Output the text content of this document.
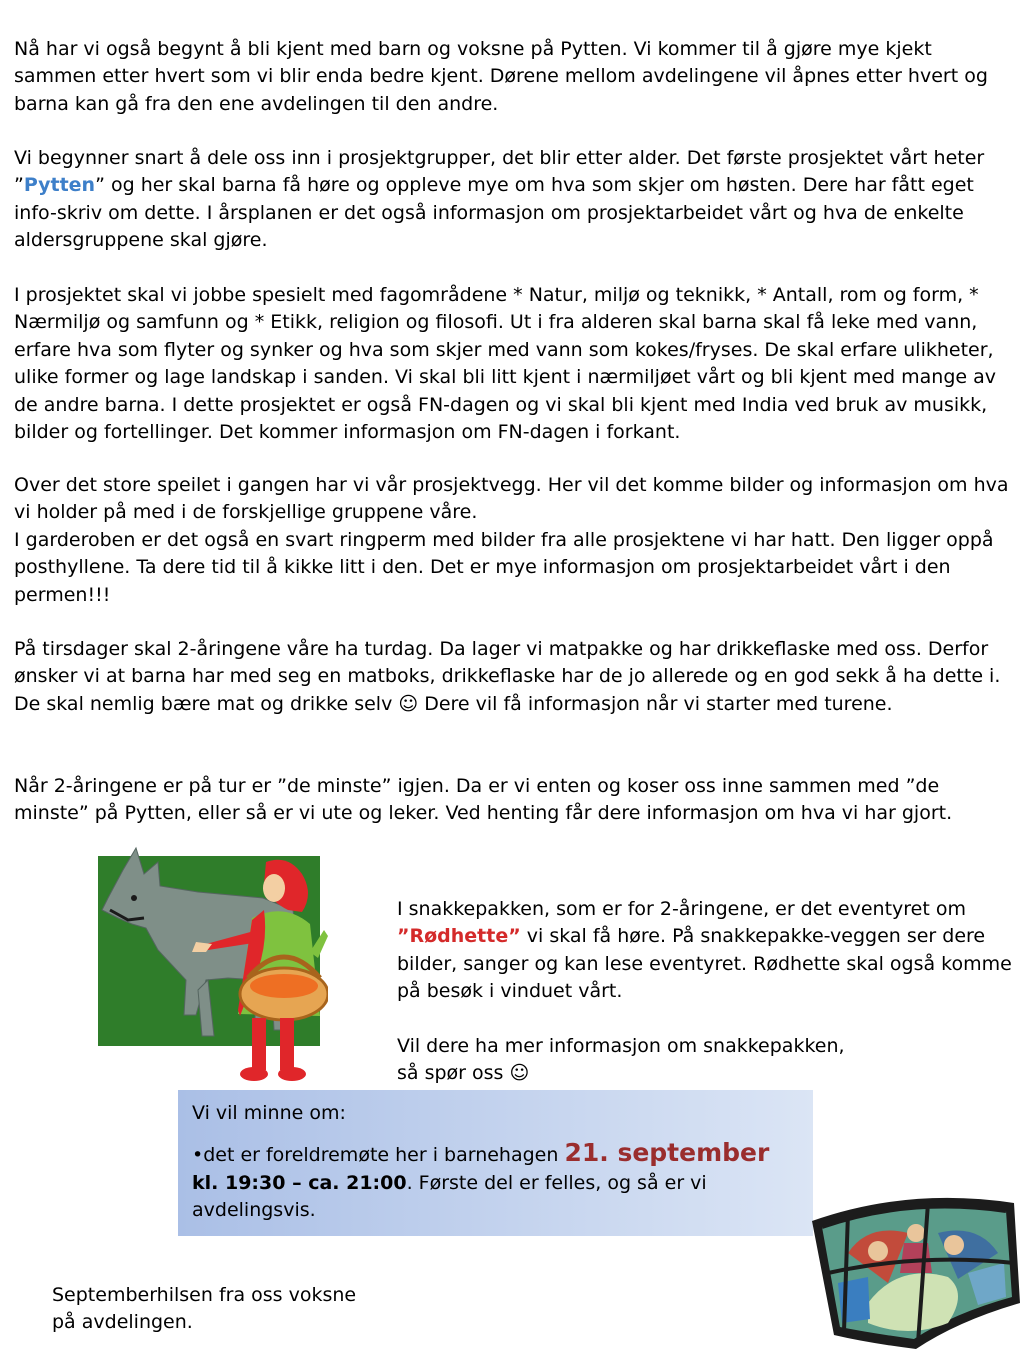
Nå har vi også begynt å bli kjent med barn og voksne på Pytten. Vi kommer til å gjøre mye kjekt sammen etter hvert som vi blir enda bedre kjent. Dørene mellom avdelingene vil åpnes etter hvert og barna kan gå fra den ene avdelingen til den andre.

Vi begynner snart å dele oss inn i prosjektgrupper, det blir etter alder. Det første prosjektet vårt heter ”Pytten” og her skal barna få høre og oppleve mye om hva som skjer om høsten. Dere har fått eget info-skriv om dette. I årsplanen er det også informasjon om prosjektarbeidet vårt og hva de enkelte aldersgruppene skal gjøre.

I prosjektet skal vi jobbe spesielt med fagområdene * Natur, miljø og teknikk, * Antall, rom og form, * Nærmiljø og samfunn og * Etikk, religion og filosofi. Ut i fra alderen skal barna skal få leke med vann, erfare hva som flyter og synker og hva som skjer med vann som kokes/fryses. De skal erfare ulikheter, ulike former og lage landskap i sanden. Vi skal bli litt kjent i nærmiljøet vårt og bli kjent med mange av de andre barna. I dette prosjektet er også FN-dagen og vi skal bli kjent med India ved bruk av musikk, bilder og fortellinger. Det kommer informasjon om FN-dagen i forkant.

Over det store speilet i gangen har vi vår prosjektvegg. Her vil det komme bilder og informasjon om hva vi holder på med i de forskjellige gruppene våre.
I garderoben er det også en svart ringperm med bilder fra alle prosjektene vi har hatt. Den ligger oppå posthyllene. Ta dere tid til å kikke litt i den. Det er mye informasjon om prosjektarbeidet vårt i den permen!!!

På tirsdager skal 2-åringene våre ha turdag. Da lager vi matpakke og har drikkeflaske med oss. Derfor ønsker vi at barna har med seg en matboks, drikkeflaske har de jo allerede og en god sekk å ha dette i. De skal nemlig bære mat og drikke selv ☺ Dere vil få informasjon når vi starter med turene.

Når 2-åringene er på tur er ”de minste” igjen. Da er vi enten og koser oss inne sammen med ”de minste” på Pytten, eller så er vi ute og leker. Ved henting får dere informasjon om hva vi har gjort.

I snakkepakken, som er for 2-åringene, er det eventyret om
”Rødhette” vi skal få høre. På snakkepakke-veggen ser dere bilder, sanger og kan lese eventyret. Rødhette skal også komme på besøk i vinduet vårt.

Vil dere ha mer informasjon om snakkepakken,
så spør oss ☺

Vi vil minne om:

•det er foreldremøte her i barnehagen 21. september
kl. 19:30 – ca. 21:00. Første del er felles, og så er vi avdelingsvis.

Septemberhilsen fra oss voksne
på avdelingen.
